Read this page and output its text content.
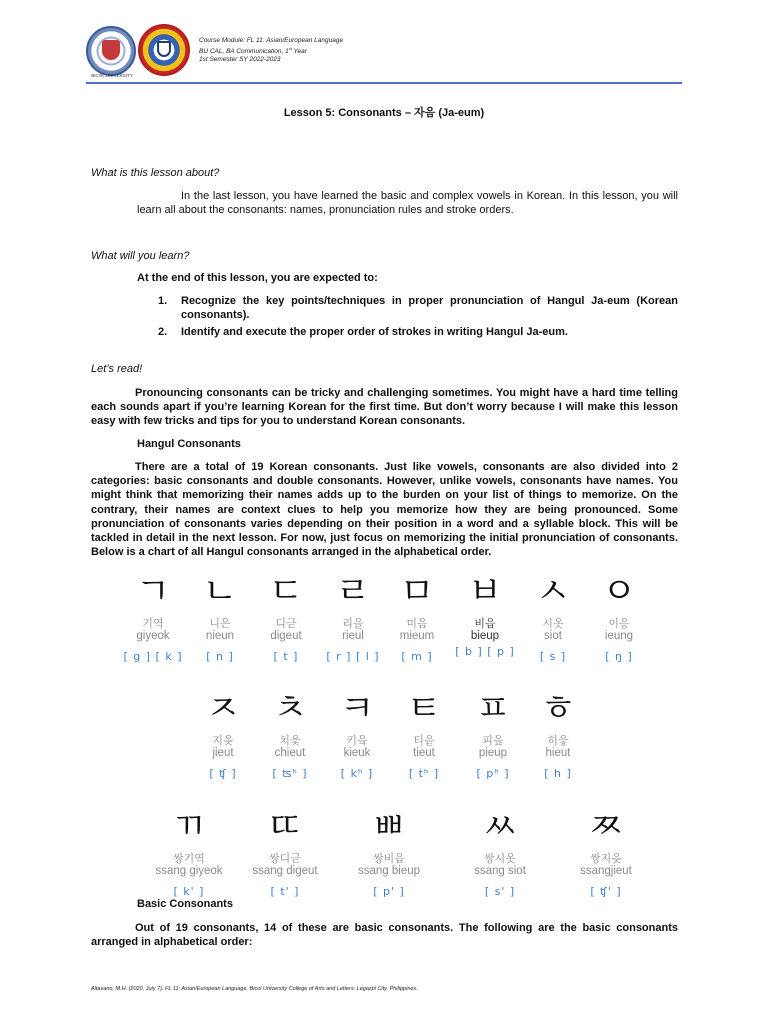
BICOL UNIVERSITY
Course Module: FL 11: Asian/European Language
BU CAL, BA Communication, 1st Year
1st Semester SY 2022-2023
Lesson 5: Consonants – 자음 (Ja-eum)
What is this lesson about?
In the last lesson, you have learned the basic and complex vowels in Korean. In this lesson, you will learn all about the consonants: names, pronunciation rules and stroke orders.
What will you learn?
At the end of this lesson, you are expected to:
1. Recognize the key points/techniques in proper pronunciation of Hangul Ja-eum (Korean consonants).
2. Identify and execute the proper order of strokes in writing Hangul Ja-eum.
Let’s read!
Pronouncing consonants can be tricky and challenging sometimes. You might have a hard time telling each sounds apart if you’re learning Korean for the first time. But don’t worry because I will make this lesson easy with few tricks and tips for you to understand Korean consonants.
Hangul Consonants
There are a total of 19 Korean consonants. Just like vowels, consonants are also divided into 2 categories: basic consonants and double consonants. However, unlike vowels, consonants have names. You might think that memorizing their names adds up to the burden on your list of things to memorize. On the contrary, their names are context clues to help you memorize how they are being pronounced. Some pronunciation of consonants varies depending on their position in a word and a syllable block. This will be tackled in detail in the next lesson. For now, just focus on memorizing the initial pronunciation of consonants. Below is a chart of all Hangul consonants arranged in the alphabetical order.
ㄱ
기역
giyeok
[ g ] [ k ]
ㄴ
니은
nieun
[ n ]
ㄷ
디귿
digeut
[ t ]
ㄹ
리을
rieul
[ r ] [ l ]
ㅁ
미음
mieum
[ m ]
ㅂ
비읍
bieup
[ b ] [ p ]
ㅅ
시옷
siot
[ s ]
ㅇ
이응
ieung
[ ŋ ]
ㅈ
지읒
jieut
[ ʧ ]
ㅊ
치읓
chieut
[ ʦʰ ]
ㅋ
키읔
kieuk
[ kʰ ]
ㅌ
티읕
tieut
[ tʰ ]
ㅍ
피읖
pieup
[ pʰ ]
ㅎ
히읗
hieut
[ h ]
ㄲ
쌍기역
ssang giyeok
[ k' ]
ㄸ
쌍디귿
ssang digeut
[ t' ]
ㅃ
쌍비읍
ssang bieup
[ p' ]
ㅆ
쌍시옷
ssang siot
[ s' ]
ㅉ
쌍지읒
ssangjieut
[ ʧ' ]
Basic Consonants
Out of 19 consonants, 14 of these are basic consonants. The following are the basic consonants arranged in alphabetical order:
Altavano, M.H. (2020, July 7). FL 11: Asian/European Language. Bicol University College of Arts and Letters: Legazpi City, Philippines.
